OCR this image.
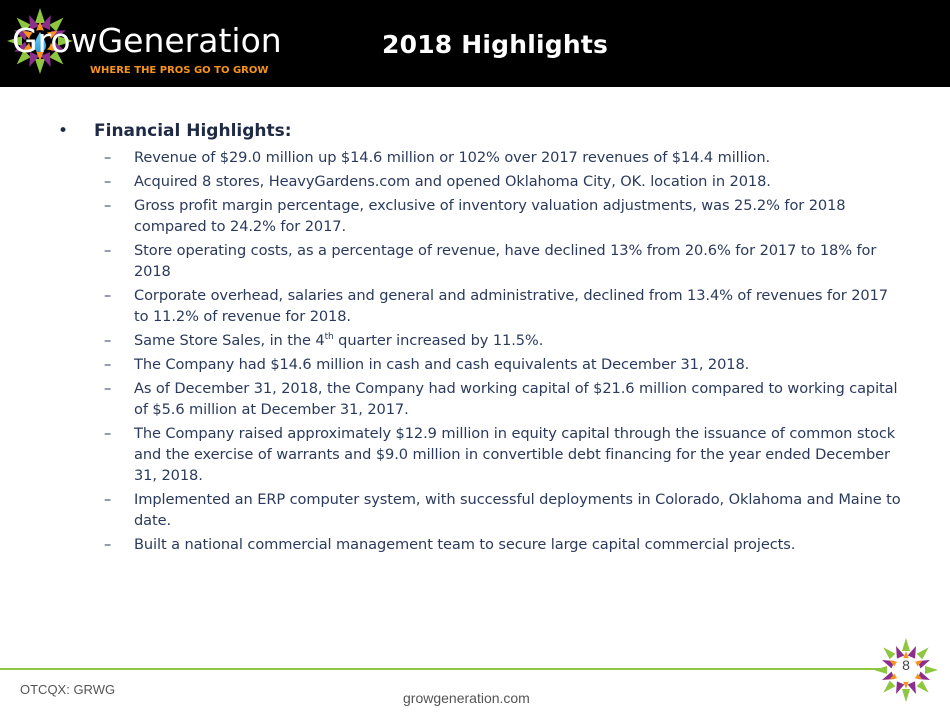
GrowGeneration
WHERE THE PROS GO TO GROW
2018 Highlights
• Financial Highlights:
– Revenue of $29.0 million up $14.6 million or 102% over 2017 revenues of $14.4 million.
– Acquired 8 stores, HeavyGardens.com and opened Oklahoma City, OK. location in 2018.
– Gross profit margin percentage, exclusive of inventory valuation adjustments, was 25.2% for 2018 compared to 24.2% for 2017.
– Store operating costs, as a percentage of revenue, have declined 13% from 20.6% for 2017 to 18% for 2018
– Corporate overhead, salaries and general and administrative, declined from 13.4% of revenues for 2017 to 11.2% of revenue for 2018.
– Same Store Sales, in the 4th quarter increased by 11.5%.
– The Company had $14.6 million in cash and cash equivalents at December 31, 2018.
– As of December 31, 2018, the Company had working capital of $21.6 million compared to working capital of $5.6 million at December 31, 2017.
– The Company raised approximately $12.9 million in equity capital through the issuance of common stock and the exercise of warrants and $9.0 million in convertible debt financing for the year ended December 31, 2018.
– Implemented an ERP computer system, with successful deployments in Colorado, Oklahoma and Maine to date.
– Built a national commercial management team to secure large capital commercial projects.
OTCQX: GRWG
growgeneration.com
8
